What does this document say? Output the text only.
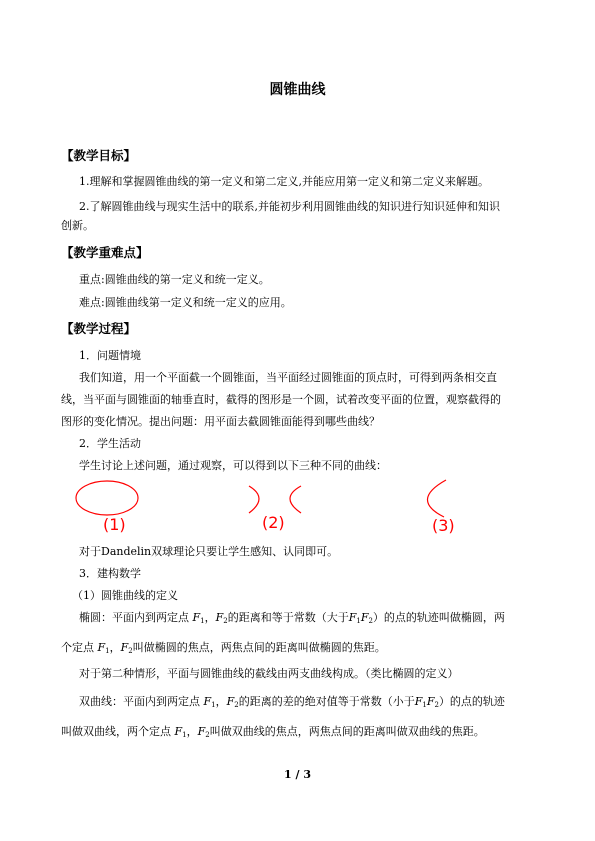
圆锥曲线
【教学目标】
1.理解和掌握圆锥曲线的第一定义和第二定义,并能应用第一定义和第二定义来解题。
2.了解圆锥曲线与现实生活中的联系,并能初步利用圆锥曲线的知识进行知识延伸和知识
创新。
【教学重难点】
重点:圆锥曲线的第一定义和统一定义。
难点:圆锥曲线第一定义和统一定义的应用。
【教学过程】
1．问题情境
我们知道，用一个平面截一个圆锥面，当平面经过圆锥面的顶点时，可得到两条相交直
线，当平面与圆锥面的轴垂直时，截得的图形是一个圆，试着改变平面的位置，观察截得的
图形的变化情况。提出问题：用平面去截圆锥面能得到哪些曲线？
2．学生活动
学生讨论上述问题，通过观察，可以得到以下三种不同的曲线：
(1)	(2)	(3)
对于Dandelin双球理论只要让学生感知、认同即可。
3．建构数学
（1）圆锥曲线的定义
椭圆：平面内到两定点 $F_1$，$F_2$的距离和等于常数（大于$F_1F_2$）的点的轨迹叫做椭圆，两
个定点 $F_1$，$F_2$叫做椭圆的焦点，两焦点间的距离叫做椭圆的焦距。
对于第二种情形，平面与圆锥曲线的截线由两支曲线构成。（类比椭圆的定义）
双曲线：平面内到两定点 $F_1$，$F_2$的距离的差的绝对值等于常数（小于$F_1F_2$）的点的轨迹
叫做双曲线，两个定点 $F_1$，$F_2$叫做双曲线的焦点，两焦点间的距离叫做双曲线的焦距。
1 / 3
